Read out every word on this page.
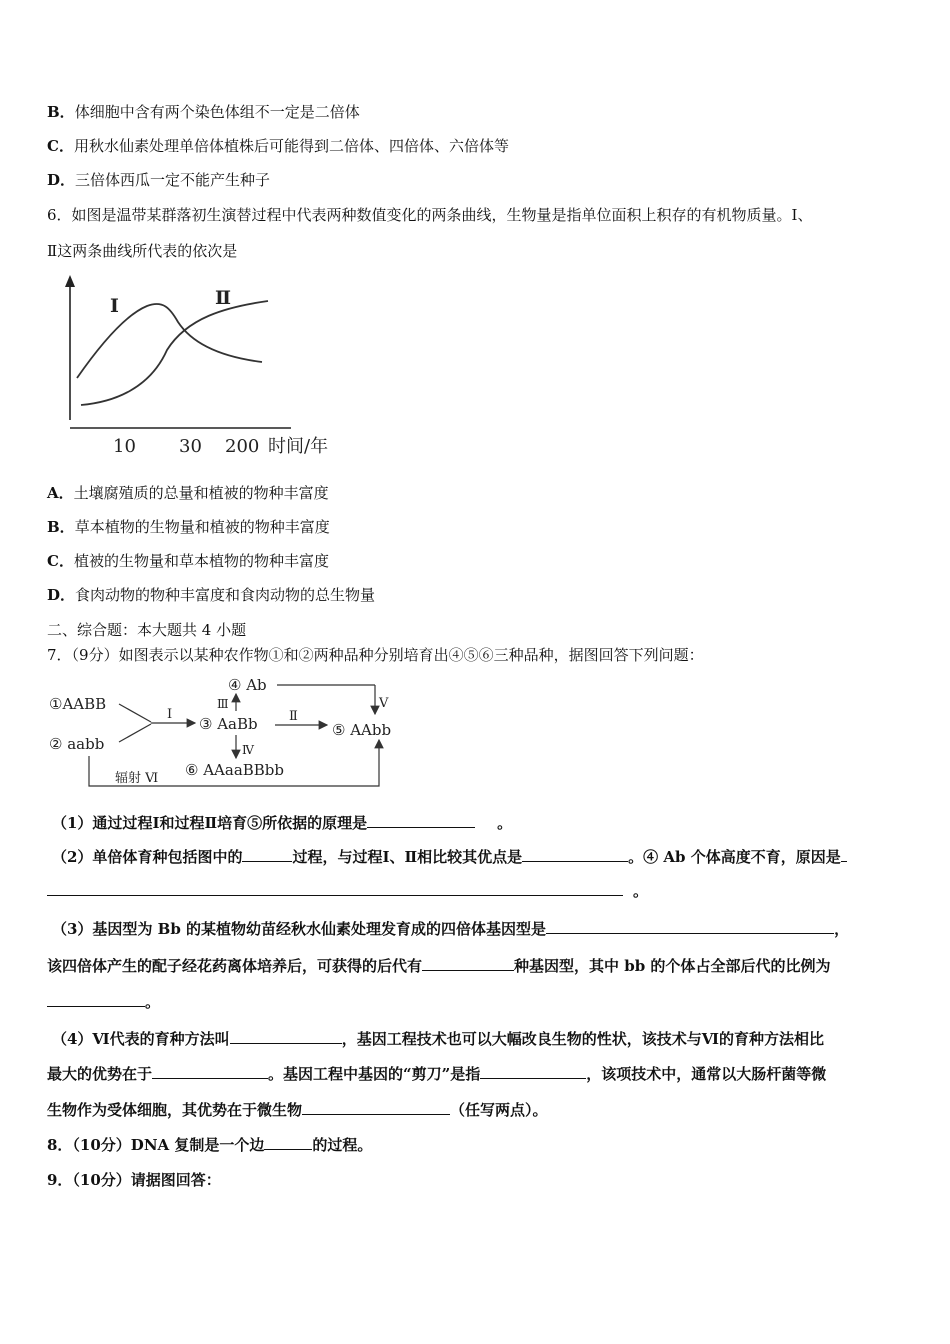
B．体细胞中含有两个染色体组不一定是二倍体
C．用秋水仙素处理单倍体植株后可能得到二倍体、四倍体、六倍体等
D．三倍体西瓜一定不能产生种子
6．如图是温带某群落初生演替过程中代表两种数值变化的两条曲线，生物量是指单位面积上积存的有机物质量。Ⅰ、
Ⅱ这两条曲线所代表的依次是
Ⅰ	Ⅱ
10 30 200 时间/年
A．土壤腐殖质的总量和植被的物种丰富度
B．草本植物的生物量和植被的物种丰富度
C．植被的生物量和草本植物的物种丰富度
D．食肉动物的物种丰富度和食肉动物的总生物量
二、综合题：本大题共 4 小题
7．（9分）如图表示以某种农作物①和②两种品种分别培育出④⑤⑥三种品种，据图回答下列问题：
①AABB
② aabb
Ⅰ
③ AaBb
Ⅲ
④ Ab
Ⅴ
Ⅱ
⑤ AAbb
Ⅳ
⑥ AAaaBBbb
辐射 Ⅵ
（1）通过过程Ⅰ和过程Ⅱ培育⑤所依据的原理是	。
（2）单倍体育种包括图中的	过程，与过程Ⅰ、Ⅱ相比较其优点是	。④ Ab 个体高度不育，原因是
。
（3）基因型为 Bb 的某植物幼苗经秋水仙素处理发育成的四倍体基因型是	，
该四倍体产生的配子经花药离体培养后，可获得的后代有	种基因型，其中 bb 的个体占全部后代的比例为
。
（4）Ⅵ代表的育种方法叫	，基因工程技术也可以大幅改良生物的性状，该技术与Ⅵ的育种方法相比
最大的优势在于	。基因工程中基因的“剪刀”是指	，该项技术中，通常以大肠杆菌等微
生物作为受体细胞，其优势在于微生物	（任写两点）。
8．（10分）DNA 复制是一个边	的过程。
9．（10分）请据图回答：
